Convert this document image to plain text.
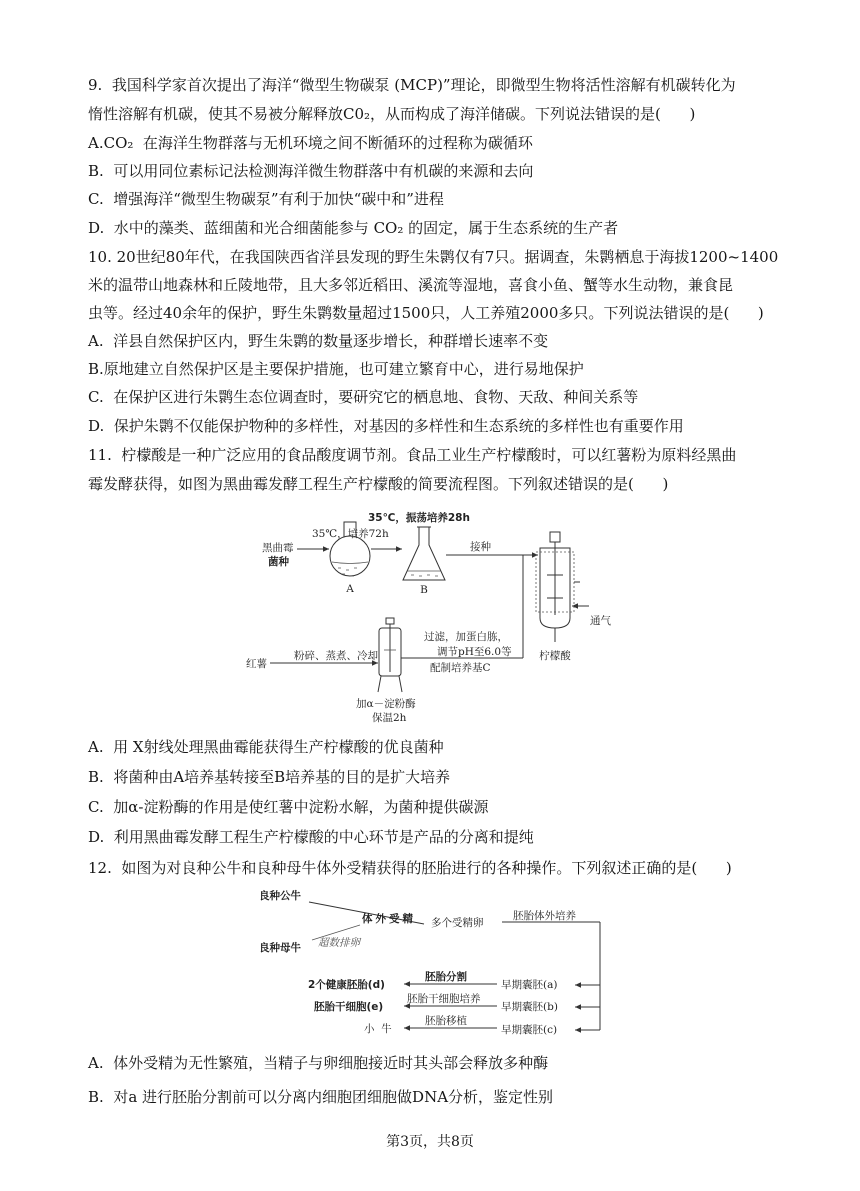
9.  我国科学家首次提出了海洋“微型生物碳泵 (MCP)”理论，即微型生物将活性溶解有机碳转化为
惰性溶解有机碳，使其不易被分解释放C0₂，从而构成了海洋储碳。下列说法错误的是(      )
A.CO₂  在海洋生物群落与无机环境之间不断循环的过程称为碳循环
B.  可以用同位素标记法检测海洋微生物群落中有机碳的来源和去向
C.  增强海洋“微型生物碳泵”有利于加快“碳中和”进程
D.  水中的藻类、蓝细菌和光合细菌能参与 CO₂ 的固定，属于生态系统的生产者
10. 20世纪80年代，在我国陕西省洋县发现的野生朱鹮仅有7只。据调查，朱鹮栖息于海拔1200~1400
米的温带山地森林和丘陵地带，且大多邻近稻田、溪流等湿地，喜食小鱼、蟹等水生动物，兼食昆
虫等。经过40余年的保护，野生朱鹮数量超过1500只，人工养殖2000多只。下列说法错误的是(      )
A.  洋县自然保护区内，野生朱鹮的数量逐步增长，种群增长速率不变
B.原地建立自然保护区是主要保护措施，也可建立繁育中心，进行易地保护
C.  在保护区进行朱鹮生态位调查时，要研究它的栖息地、食物、天敌、种间关系等
D.  保护朱鹮不仅能保护物种的多样性，对基因的多样性和生态系统的多样性也有重要作用
11.  柠檬酸是一种广泛应用的食品酸度调节剂。食品工业生产柠檬酸时，可以红薯粉为原料经黑曲
霉发酵获得，如图为黑曲霉发酵工程生产柠檬酸的简要流程图。下列叙述错误的是(      )
黑曲霉
菌种
35℃，培养72h
A
35℃，振荡培养28h
B
接种
通气
柠檬酸
红薯
粉碎、蒸煮、冷却
过滤，加蛋白胨，
调节pH至6.0等
配制培养基C
加α－淀粉酶
保温2h
A.  用 X射线处理黑曲霉能获得生产柠檬酸的优良菌种
B.  将菌种由A培养基转接至B培养基的目的是扩大培养
C.  加α-淀粉酶的作用是使红薯中淀粉水解，为菌种提供碳源
D.  利用黑曲霉发酵工程生产柠檬酸的中心环节是产品的分离和提纯
12.  如图为对良种公牛和良种母牛体外受精获得的胚胎进行的各种操作。下列叙述正确的是(      )
良种公牛
体外受精
良种母牛 超数排卵
多个受精卵
胚胎体外培养
早期囊胚(a)
早期囊胚(b)
早期囊胚(c)
胚胎分割
2个健康胚胎(d)
胚胎干细胞培养
胚胎干细胞(e)
胚胎移植
小  牛
A.  体外受精为无性繁殖，当精子与卵细胞接近时其头部会释放多种酶
B.  对a 进行胚胎分割前可以分离内细胞团细胞做DNA分析，鉴定性别
第3页，共8页
